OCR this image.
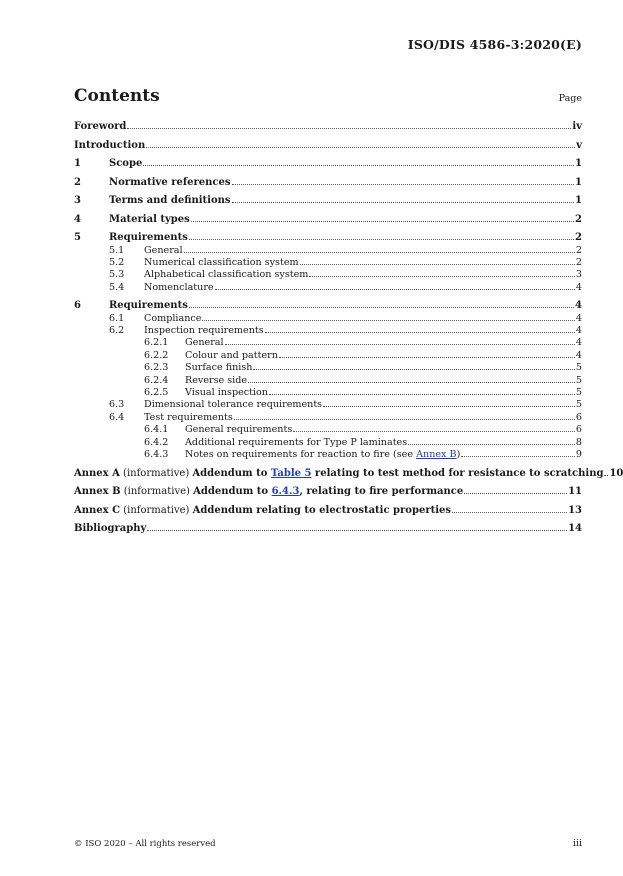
ISO/DIS 4586-3:2020(E)
Contents	Page
Foreword	iv
Introduction	v
1	Scope	1
2	Normative references	1
3	Terms and definitions	1
4	Material types	2
5	Requirements	2
5.1	General	2
5.2	Numerical classification system	2
5.3	Alphabetical classification system	3
5.4	Nomenclature	4
6	Requirements	4
6.1	Compliance	4
6.2	Inspection requirements	4
6.2.1	General	4
6.2.2	Colour and pattern	4
6.2.3	Surface finish	5
6.2.4	Reverse side	5
6.2.5	Visual inspection	5
6.3	Dimensional tolerance requirements	5
6.4	Test requirements	6
6.4.1	General requirements	6
6.4.2	Additional requirements for Type P laminates	8
6.4.3	Notes on requirements for reaction to fire (see Annex B)	9
Annex A (informative) Addendum to Table 5 relating to test method for resistance to scratching 10
Annex B (informative) Addendum to 6.4.3, relating to fire performance	11
Annex C (informative) Addendum relating to electrostatic properties	13
Bibliography	14
© ISO 2020 – All rights reserved	iii
